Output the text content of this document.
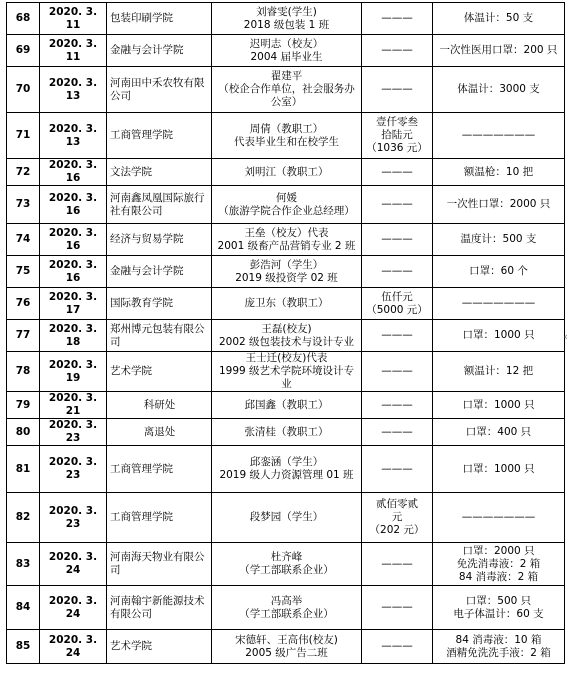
68	2020. 3. 11	包装印刷学院	刘睿雯(学生)
2018 级包装 1 班	———	体温计：50 支

69	2020. 3. 11	金融与会计学院	迟明志（校友）
2004 届毕业生	———	一次性医用口罩：200 只

70	2020. 3. 13	河南田中禾农牧有限公司	翟建平
（校企合作单位，社会服务办公室）	———	体温计：3000 支

71	2020. 3. 13	工商管理学院	周倩（教职工）
代表毕业生和在校学生	壹仟零叁
拾陆元
（1036 元）	———————

72	2020. 3. 16	文法学院	刘明江（教职工）	———	额温枪：10 把

73	2020. 3. 16	河南鑫凤凰国际旅行社有限公司	何媛
（旅游学院合作企业总经理）	———	一次性口罩：2000 只

74	2020. 3. 16	经济与贸易学院	王垒（校友）代表
2001 级畜产品营销专业 2 班	———	温度计：500 支

75	2020. 3. 16	金融与会计学院	彭浩河（学生）
2019 级投资学 02 班	———	口罩：60 个

76	2020. 3. 17	国际教育学院	庞卫东（教职工）	伍仟元
（5000 元）	———————

77	2020. 3. 18	郑州博元包装有限公司	王磊(校友)
2002 级包装技术与设计专业	———	口罩：1000 只

78	2020. 3. 19	艺术学院	王士迁(校友)代表
1999 级艺术学院环境设计专业	———	额温计：12 把

79	2020. 3. 21	科研处	邱国鑫（教职工）	———	口罩：1000 只

80	2020. 3. 23	离退处	张清桂（教职工）	———	口罩：400 只

81	2020. 3. 23	工商管理学院	邱銮涵（学生）
2019 级人力资源管理 01 班	———	口罩：1000 只

82	2020. 3. 23	工商管理学院	段梦园（学生）	贰佰零贰
元
（202 元）	———————

83	2020. 3. 24	河南海天物业有限公司	杜齐峰
（学工部联系企业）	———	口罩：2000 只
免洗消毒液：2 箱
84 消毒液：2 箱

84	2020. 3. 24	河南翰宇新能源技术有限公司	冯高举
（学工部联系企业）	———	口罩：500 只
电子体温计：60 支

85	2020. 3. 24	艺术学院	宋德轩、王高伟(校友)
2005 级广告二班	———	84 消毒液：10 箱
酒精免洗洗手液：2 箱
‹
